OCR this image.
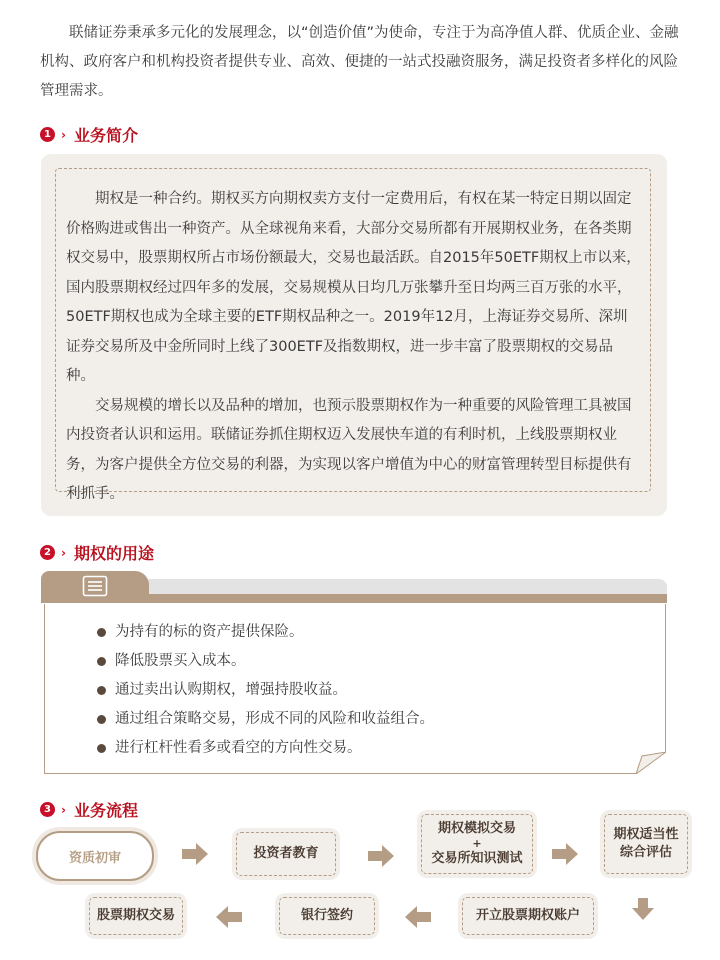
联储证券秉承多元化的发展理念，以“创造价值”为使命，专注于为高净值人群、优质企业、金融机构、政府客户和机构投资者提供专业、高效、便捷的一站式投融资服务，满足投资者多样化的风险管理需求。

1 › 业务简介

期权是一种合约。期权买方向期权卖方支付一定费用后，有权在某一特定日期以固定价格购进或售出一种资产。从全球视角来看，大部分交易所都有开展期权业务，在各类期权交易中，股票期权所占市场份额最大，交易也最活跃。自2015年50ETF期权上市以来，国内股票期权经过四年多的发展，交易规模从日均几万张攀升至日均两三百万张的水平，50ETF期权也成为全球主要的ETF期权品种之一。2019年12月，上海证券交易所、深圳证券交易所及中金所同时上线了300ETF及指数期权，进一步丰富了股票期权的交易品种。

交易规模的增长以及品种的增加，也预示股票期权作为一种重要的风险管理工具被国内投资者认识和运用。联储证券抓住期权迈入发展快车道的有利时机，上线股票期权业务，为客户提供全方位交易的利器，为实现以客户增值为中心的财富管理转型目标提供有利抓手。

2 › 期权的用途
为持有的标的资产提供保险。
降低股票买入成本。
通过卖出认购期权，增强持股收益。
通过组合策略交易，形成不同的风险和收益组合。
进行杠杆性看多或看空的方向性交易。
3 › 业务流程
资质初审	投资者教育
期权模拟交易
+
交易所知识测试
期权适当性
综合评估
开立股票期权账户
银行签约
股票期权交易
